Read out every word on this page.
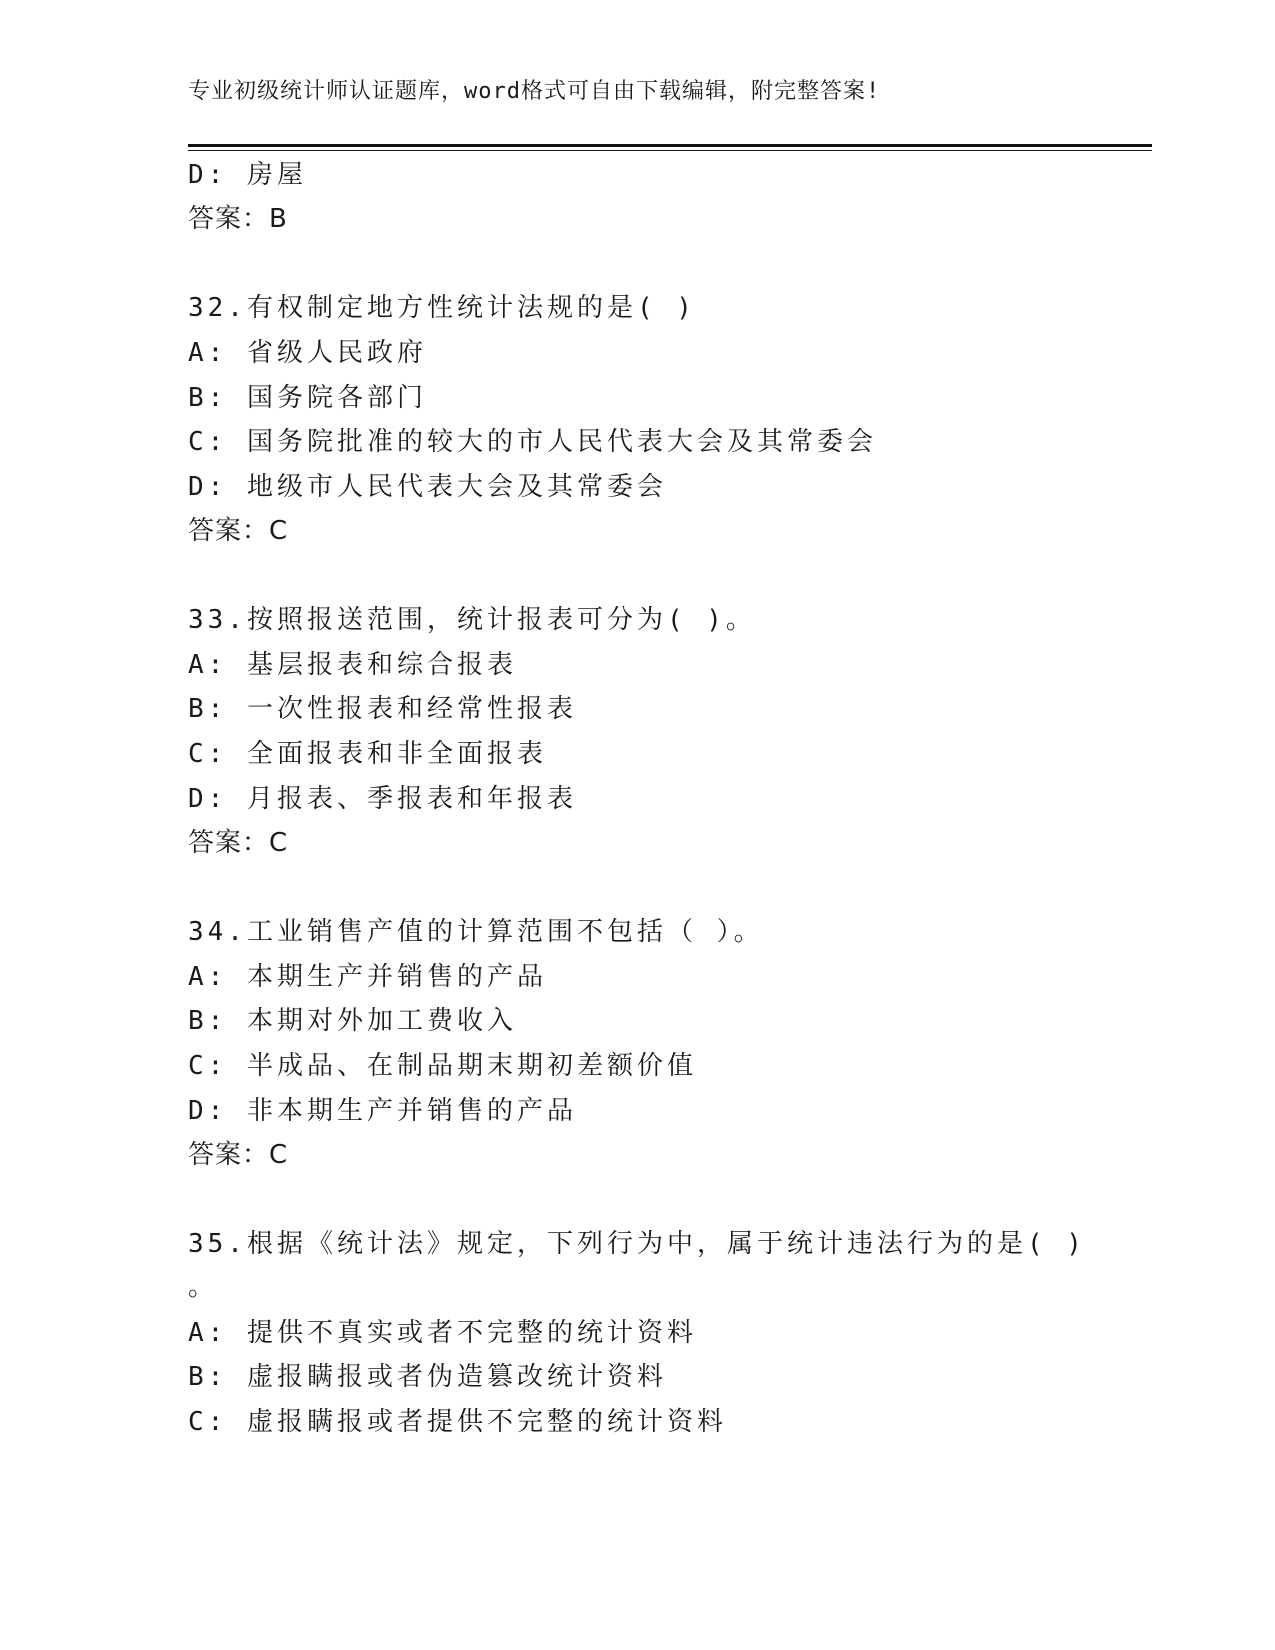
专业初级统计师认证题库，word格式可自由下载编辑，附完整答案!
D: 房屋
答案：B
32.有权制定地方性统计法规的是( )
A: 省级人民政府
B: 国务院各部门
C: 国务院批准的较大的市人民代表大会及其常委会
D: 地级市人民代表大会及其常委会
答案：C
33.按照报送范围，统计报表可分为( )。
A: 基层报表和综合报表
B: 一次性报表和经常性报表
C: 全面报表和非全面报表
D: 月报表、季报表和年报表
答案：C
34.工业销售产值的计算范围不包括（ ）。
A: 本期生产并销售的产品
B: 本期对外加工费收入
C: 半成品、在制品期末期初差额价值
D: 非本期生产并销售的产品
答案：C
35.根据《统计法》规定，下列行为中，属于统计违法行为的是( )
。
A: 提供不真实或者不完整的统计资料
B: 虚报瞒报或者伪造篡改统计资料
C: 虚报瞒报或者提供不完整的统计资料
